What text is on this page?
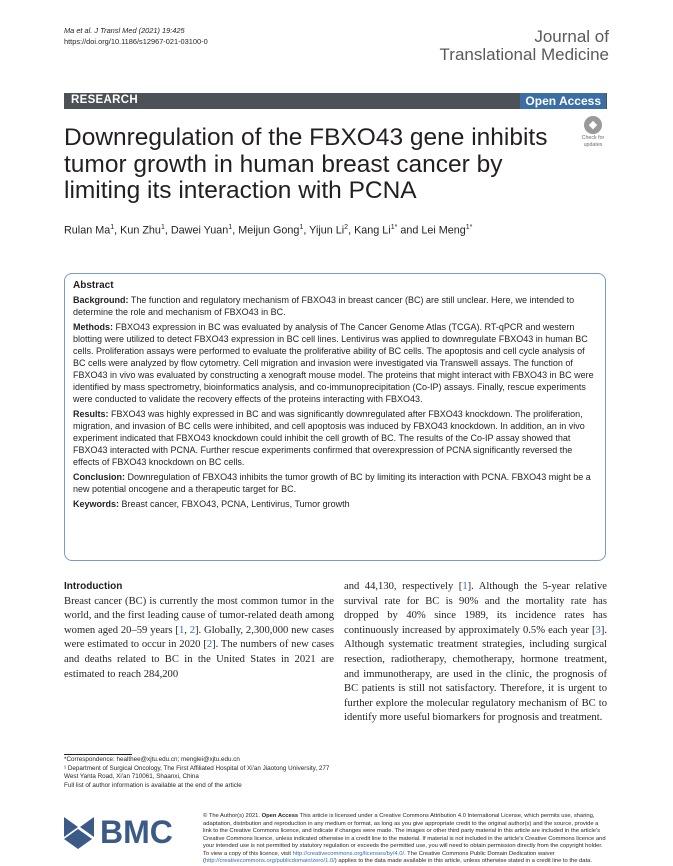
Ma et al. J Transl Med (2021) 19:425
https://doi.org/10.1186/s12967-021-03100-0	Journal of
Translational Medicine
RESEARCH	Open Access
◆
Check for
updates
Downregulation of the FBXO43 gene inhibits tumor growth in human breast cancer by limiting its interaction with PCNA
Rulan Ma$^1$, Kun Zhu$^1$, Dawei Yuan$^1$, Meijun Gong$^1$, Yijun Li$^2$, Kang $Li^{1*}$ and Lei Meng$^{1*}$
Abstract

Background: The function and regulatory mechanism of FBXO43 in breast cancer (BC) are still unclear. Here, we intended to determine the role and mechanism of FBXO43 in BC.

Methods: FBXO43 expression in BC was evaluated by analysis of The Cancer Genome Atlas (TCGA). RT-qPCR and western blotting were utilized to detect FBXO43 expression in BC cell lines. Lentivirus was applied to downregulate FBXO43 in human BC cells. Proliferation assays were performed to evaluate the proliferative ability of BC cells. The apoptosis and cell cycle analysis of BC cells were analyzed by flow cytometry. Cell migration and invasion were investigated via Transwell assays. The function of FBXO43 in vivo was evaluated by constructing a xenograft mouse model. The proteins that might interact with FBXO43 in BC were identified by mass spectrometry, bioinformatics analysis, and co-immunoprecipitation (Co-IP) assays. Finally, rescue experiments were conducted to validate the recovery effects of the proteins interacting with FBXO43.

Results: FBXO43 was highly expressed in BC and was significantly downregulated after FBXO43 knockdown. The proliferation, migration, and invasion of BC cells were inhibited, and cell apoptosis was induced by FBXO43 knockdown. In addition, an in vivo experiment indicated that FBXO43 knockdown could inhibit the cell growth of BC. The results of the Co-IP assay showed that FBXO43 interacted with PCNA. Further rescue experiments confirmed that overexpression of PCNA significantly reversed the effects of FBXO43 knockdown on BC cells.

Conclusion: Downregulation of FBXO43 inhibits the tumor growth of BC by limiting its interaction with PCNA. FBXO43 might be a new potential oncogene and a therapeutic target for BC.

Keywords: Breast cancer, FBXO43, PCNA, Lentivirus, Tumor growth

Introduction
Breast cancer (BC) is currently the most common tumor in the world, and the first leading cause of tumor-related death among women aged 20–59 years [1, 2]. Globally, 2,300,000 new cases were estimated to occur in 2020 [2]. The numbers of new cases and deaths related to BC in the United States in 2021 are estimated to reach 284,200
and 44,130, respectively [1]. Although the 5-year relative survival rate for BC is 90% and the mortality rate has dropped by 40% since 1989, its incidence rates has continuously increased by approximately 0.5% each year [3]. Although systematic treatment strategies, including surgical resection, radiotherapy, chemotherapy, hormone treatment, and immunotherapy, are used in the clinic, the prognosis of BC patients is still not satisfactory. Therefore, it is urgent to further explore the molecular regulatory mechanism of BC to identify more useful biomarkers for prognosis and treatment.
*Correspondence: healthee@xjtu.edu.cn; menglei@xjtu.edu.cn
¹ Department of Surgical Oncology, The First Affiliated Hospital of Xi'an Jiaotong University, 277 West Yanta Road, Xi'an 710061, Shaanxi, China
Full list of author information is available at the end of the article
BMC	© The Author(s) 2021. Open Access This article is licensed under a Creative Commons Attribution 4.0 International License, which permits use, sharing, adaptation, distribution and reproduction in any medium or format, as long as you give appropriate credit to the original author(s) and the source, provide a link to the Creative Commons licence, and indicate if changes were made. The images or other third party material in this article are included in the article's Creative Commons licence, unless indicated otherwise in a credit line to the material. If material is not included in the article's Creative Commons licence and your intended use is not permitted by statutory regulation or exceeds the permitted use, you will need to obtain permission directly from the copyright holder. To view a copy of this licence, visit http://creativecommons.org/licenses/by/4.0/. The Creative Commons Public Domain Dedication waiver (http://creativecommons.org/publicdomain/zero/1.0/) applies to the data made available in this article, unless otherwise stated in a credit line to the data.
